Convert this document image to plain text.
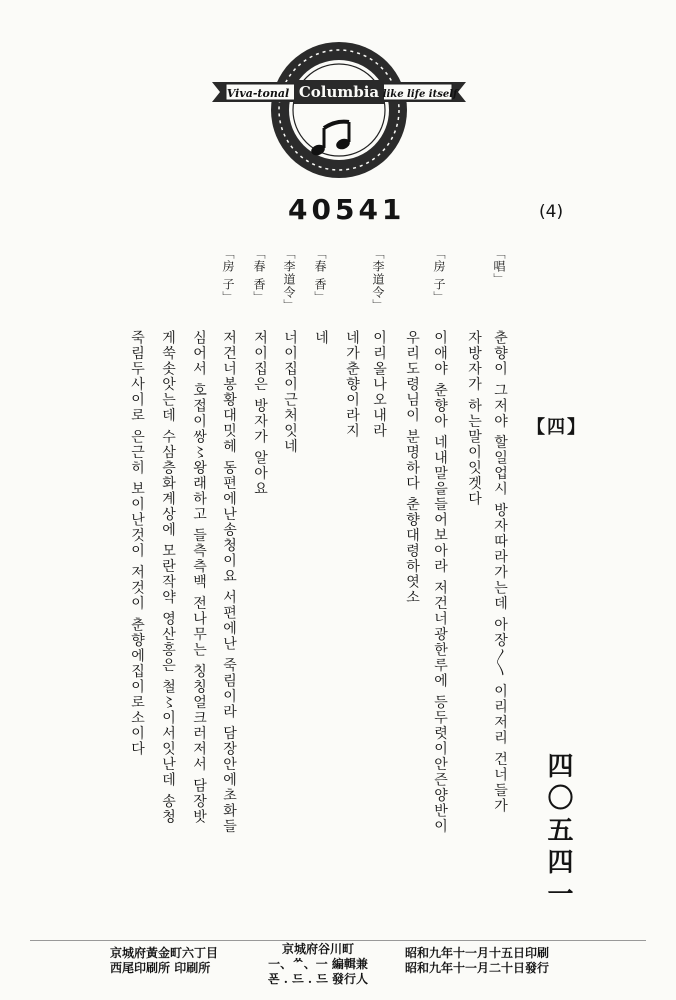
Columbia
Viva-tonal	like life itself
40541	(4)
【四】
四〇五四一
「唱」
춘향이 그저야 할일업시 방자따라가는데 아장〳〵 이리저리 건너들가
자방자가 하는말이잇겟다
「房 子」
이애야 춘향아 네내말을들어보아라 저건너광한루에 등두렷이안즌양반이
우리도령님이 분명하다 춘향대령하엿소
「李道令」
이리올나오내라
네가춘향이라지
「春 香」
네
「李道令」
너이집이근처잇네
「春 香」
저이집은 방자가 알아요
「房 子」
저건너봉황대밋헤 동편에난송청이요 서편에난 죽림이라 담장안에초화들
심어서 호접이쌍〻왕래하고 들측측백 전나무는 칭칭얼크러저서 담장밧
게쑥솟앗는데 수삼층화계상에 모란작약 영산홍은 철〻이서잇난데 송청
죽림두사이로 은근히 보이난것이 저것이 춘향에집이로소이다
昭和九年十一月十五日印刷
昭和九年十一月二十日發行
京城府谷川町
一、ᄊ、一 編輯兼
폰 . 드 . 드 發行人
京城府黃金町六丁目
西尾印刷所 印刷所
